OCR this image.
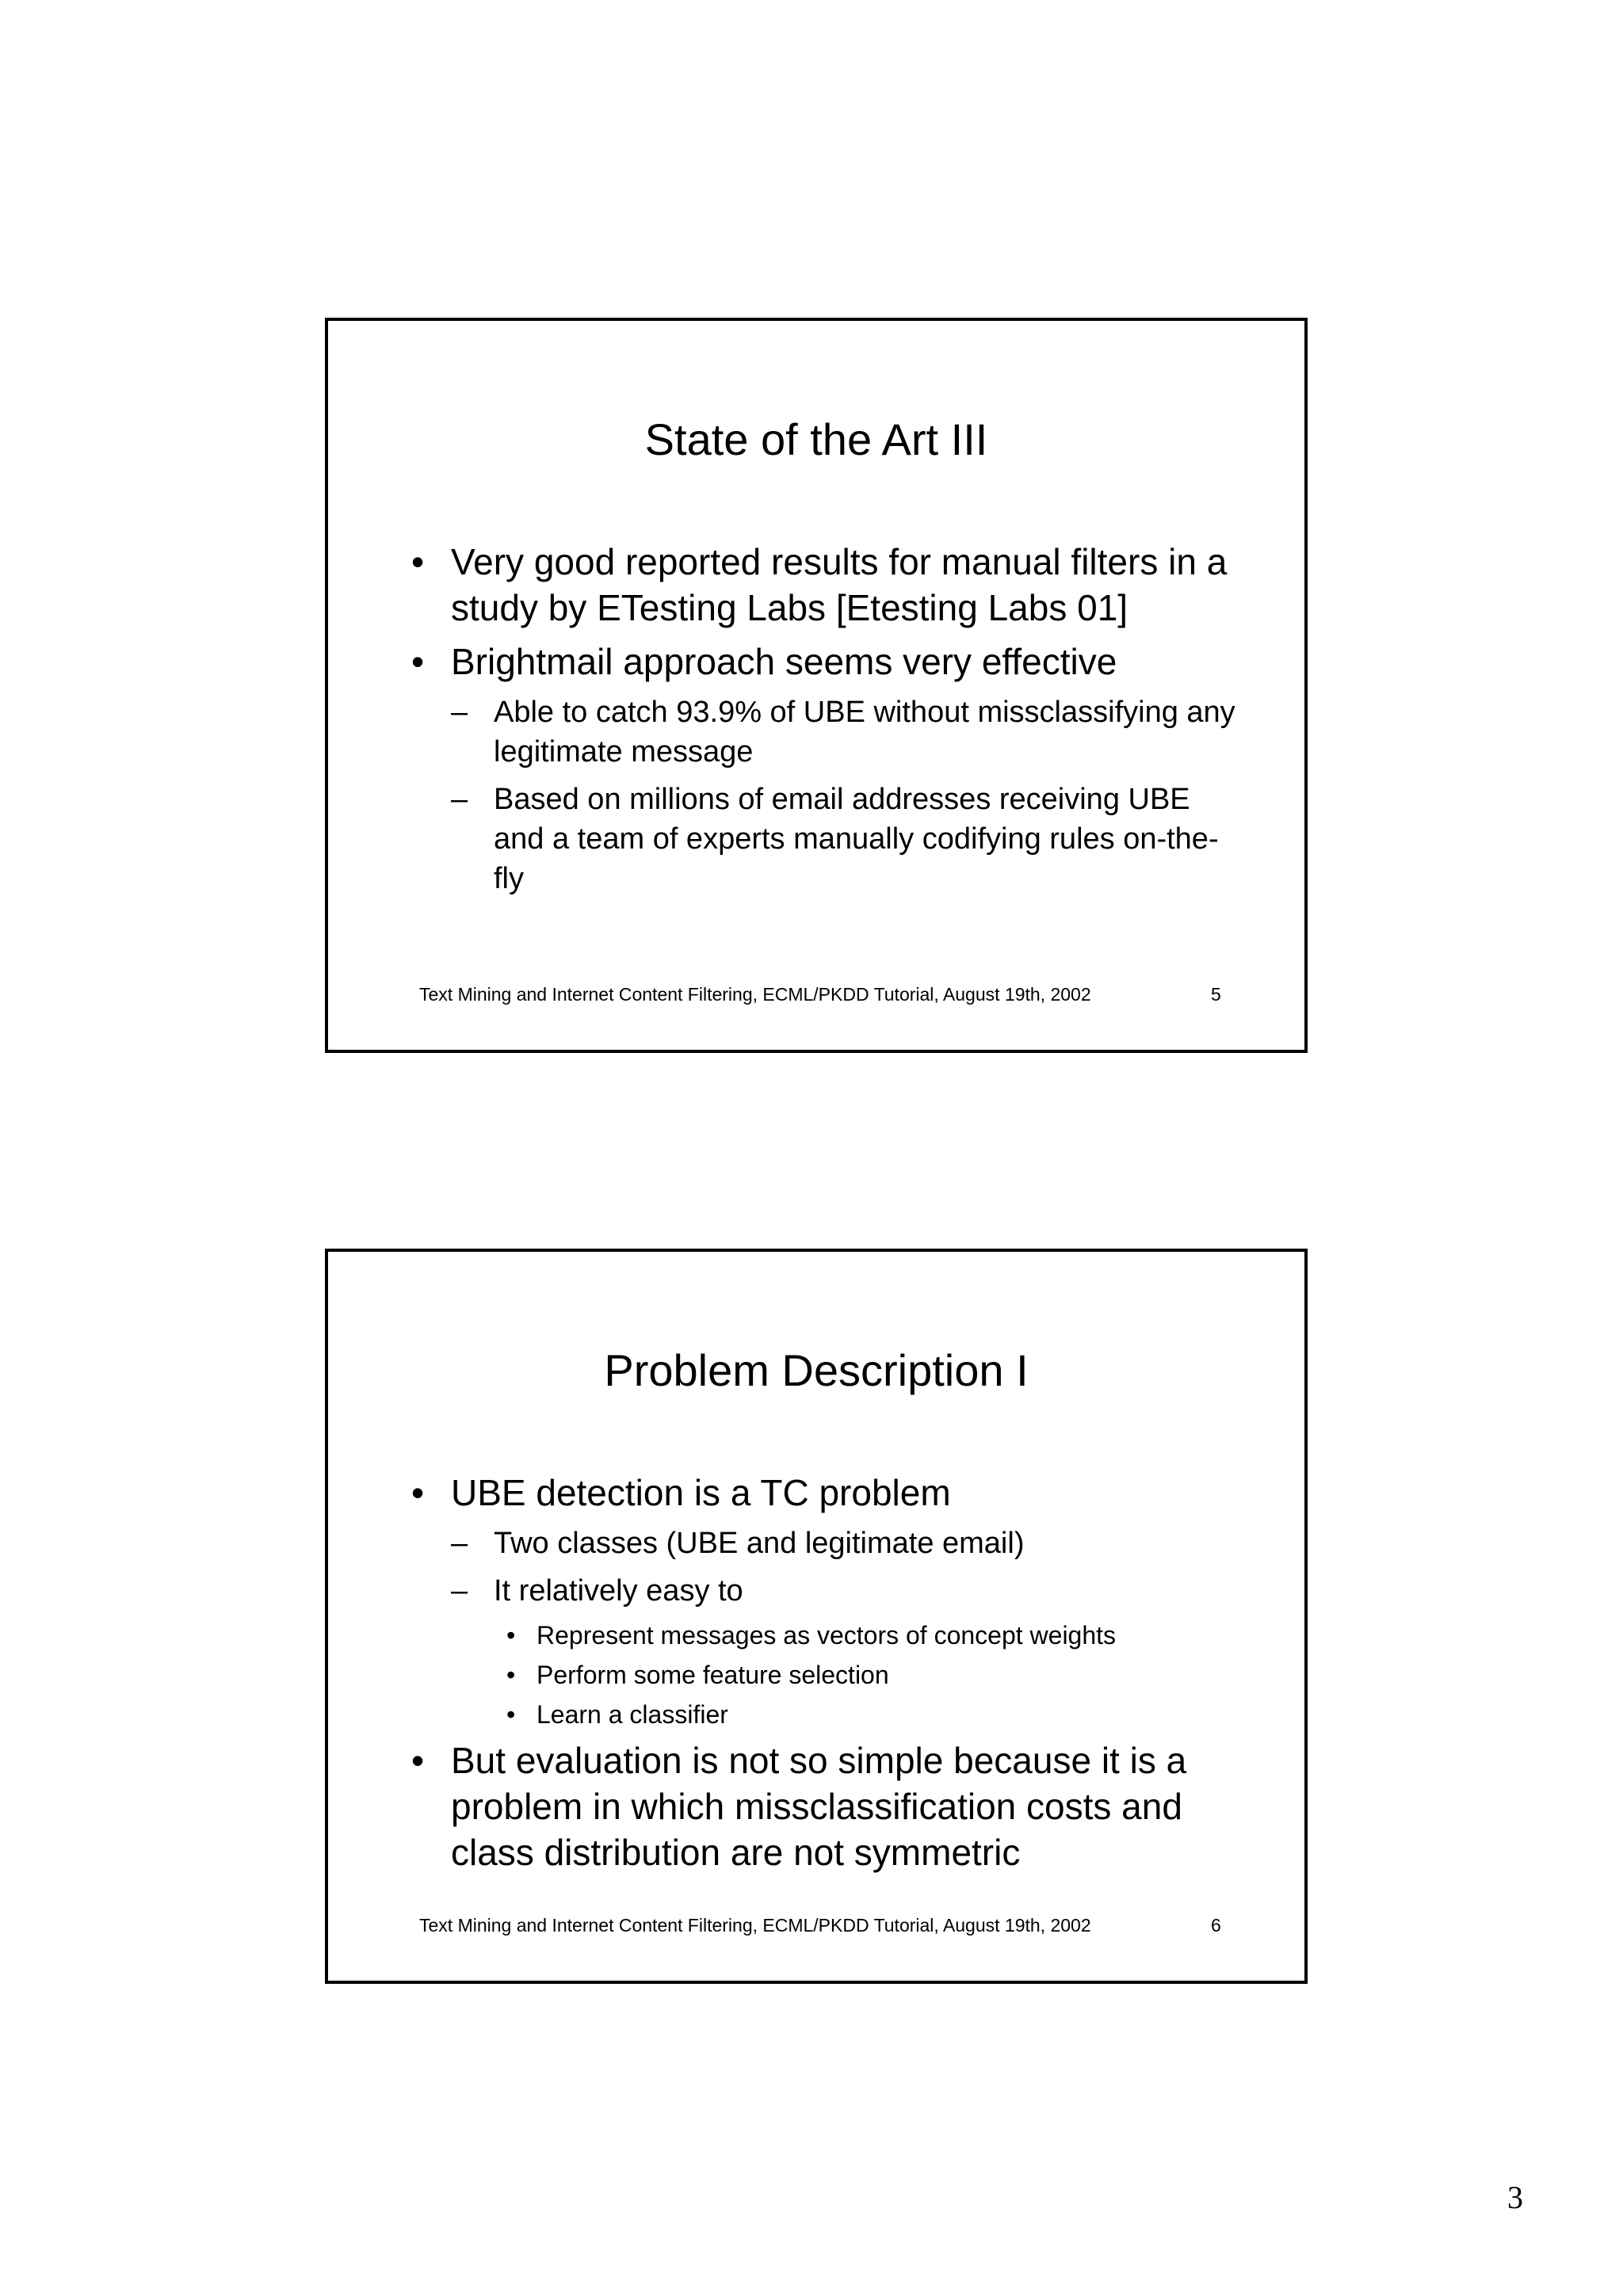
State of the Art III
• Very good reported results for manual filters in a study by ETesting Labs [Etesting Labs 01]
• Brightmail approach seems very effective
– Able to catch 93.9% of UBE without missclassifying any legitimate message
– Based on millions of email addresses receiving UBE and a team of experts manually codifying rules on-the-fly
Text Mining and Internet Content Filtering, ECML/PKDD Tutorial, August 19th, 2002	5
Problem Description I
• UBE detection is a TC problem
– Two classes (UBE and legitimate email)
– It relatively easy to
• Represent messages as vectors of concept weights
• Perform some feature selection
• Learn a classifier
• But evaluation is not so simple because it is a problem in which missclassification costs and class distribution are not symmetric
Text Mining and Internet Content Filtering, ECML/PKDD Tutorial, August 19th, 2002	6
3
